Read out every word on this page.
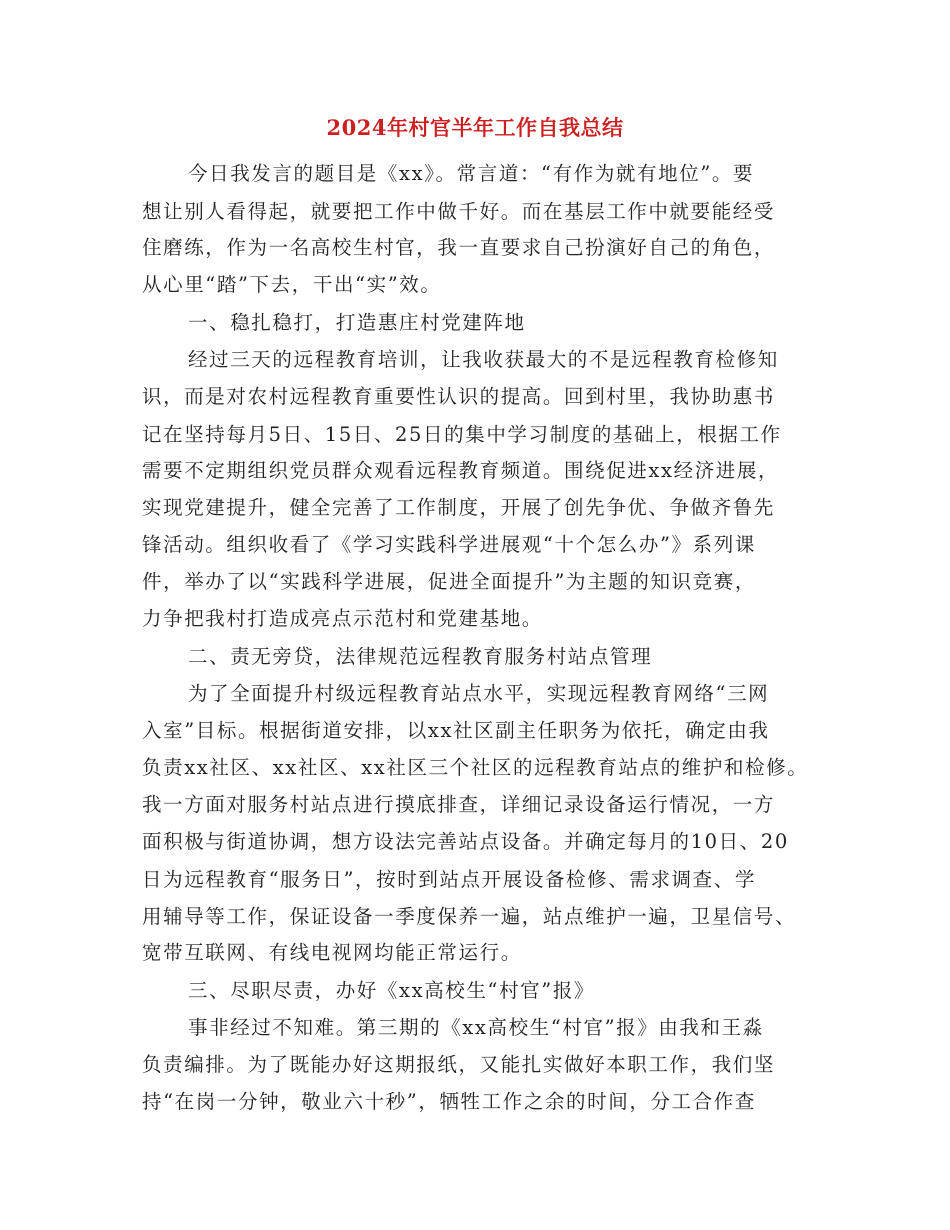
2024年村官半年工作自我总结
今日我发言的题目是《xx》。常言道：“有作为就有地位”。要
想让别人看得起，就要把工作中做千好。而在基层工作中就要能经受
住磨练，作为一名高校生村官，我一直要求自己扮演好自己的角色，
从心里“踏”下去，干出“实”效。
一、稳扎稳打，打造惠庄村党建阵地
经过三天的远程教育培训，让我收获最大的不是远程教育检修知
识，而是对农村远程教育重要性认识的提高。回到村里，我协助惠书
记在坚持每月5日、15日、25日的集中学习制度的基础上，根据工作
需要不定期组织党员群众观看远程教育频道。围绕促进xx经济进展，
实现党建提升，健全完善了工作制度，开展了创先争优、争做齐鲁先
锋活动。组织收看了《学习实践科学进展观“十个怎么办”》系列课
件，举办了以“实践科学进展，促进全面提升”为主题的知识竞赛，
力争把我村打造成亮点示范村和党建基地。
二、责无旁贷，法律规范远程教育服务村站点管理
为了全面提升村级远程教育站点水平，实现远程教育网络“三网
入室”目标。根据街道安排，以xx社区副主任职务为依托，确定由我
负责xx社区、xx社区、xx社区三个社区的远程教育站点的维护和检修。
我一方面对服务村站点进行摸底排查，详细记录设备运行情况，一方
面积极与街道协调，想方设法完善站点设备。并确定每月的10日、20
日为远程教育“服务日”，按时到站点开展设备检修、需求调查、学
用辅导等工作，保证设备一季度保养一遍，站点维护一遍，卫星信号、
宽带互联网、有线电视网均能正常运行。
三、尽职尽责，办好《xx高校生“村官”报》
事非经过不知难。第三期的《xx高校生“村官”报》由我和王淼
负责编排。为了既能办好这期报纸，又能扎实做好本职工作，我们坚
持“在岗一分钟，敬业六十秒”，牺牲工作之余的时间，分工合作查
